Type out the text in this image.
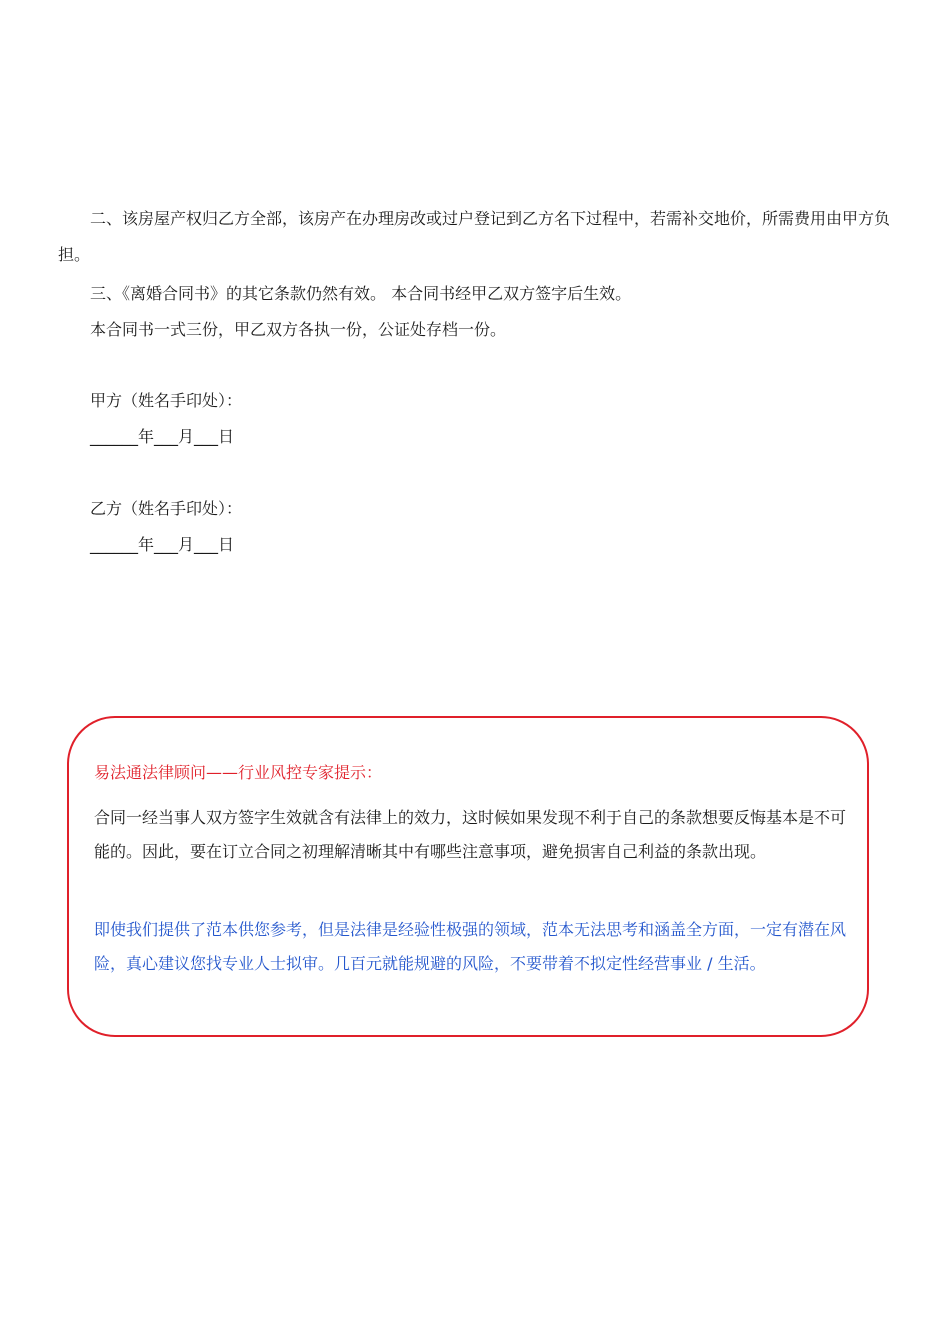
二、该房屋产权归乙方全部，该房产在办理房改或过户登记到乙方名下过程中，若需补交地价，所需费用由甲方负担。
三、《离婚合同书》的其它条款仍然有效。 本合同书经甲乙双方签字后生效。
本合同书一式三份，甲乙双方各执一份，公证处存档一份。
甲方（姓名手印处）：
______年___月___日
乙方（姓名手印处）：
______年___月___日
易法通法律顾问——行业风控专家提示：
合同一经当事人双方签字生效就含有法律上的效力，这时候如果发现不利于自己的条款想要反悔基本是不可能的。因此，要在订立合同之初理解清晰其中有哪些注意事项，避免损害自己利益的条款出现。
即使我们提供了范本供您参考，但是法律是经验性极强的领域，范本无法思考和涵盖全方面，一定有潜在风险，真心建议您找专业人士拟审。几百元就能规避的风险，不要带着不拟定性经营事业 / 生活。
